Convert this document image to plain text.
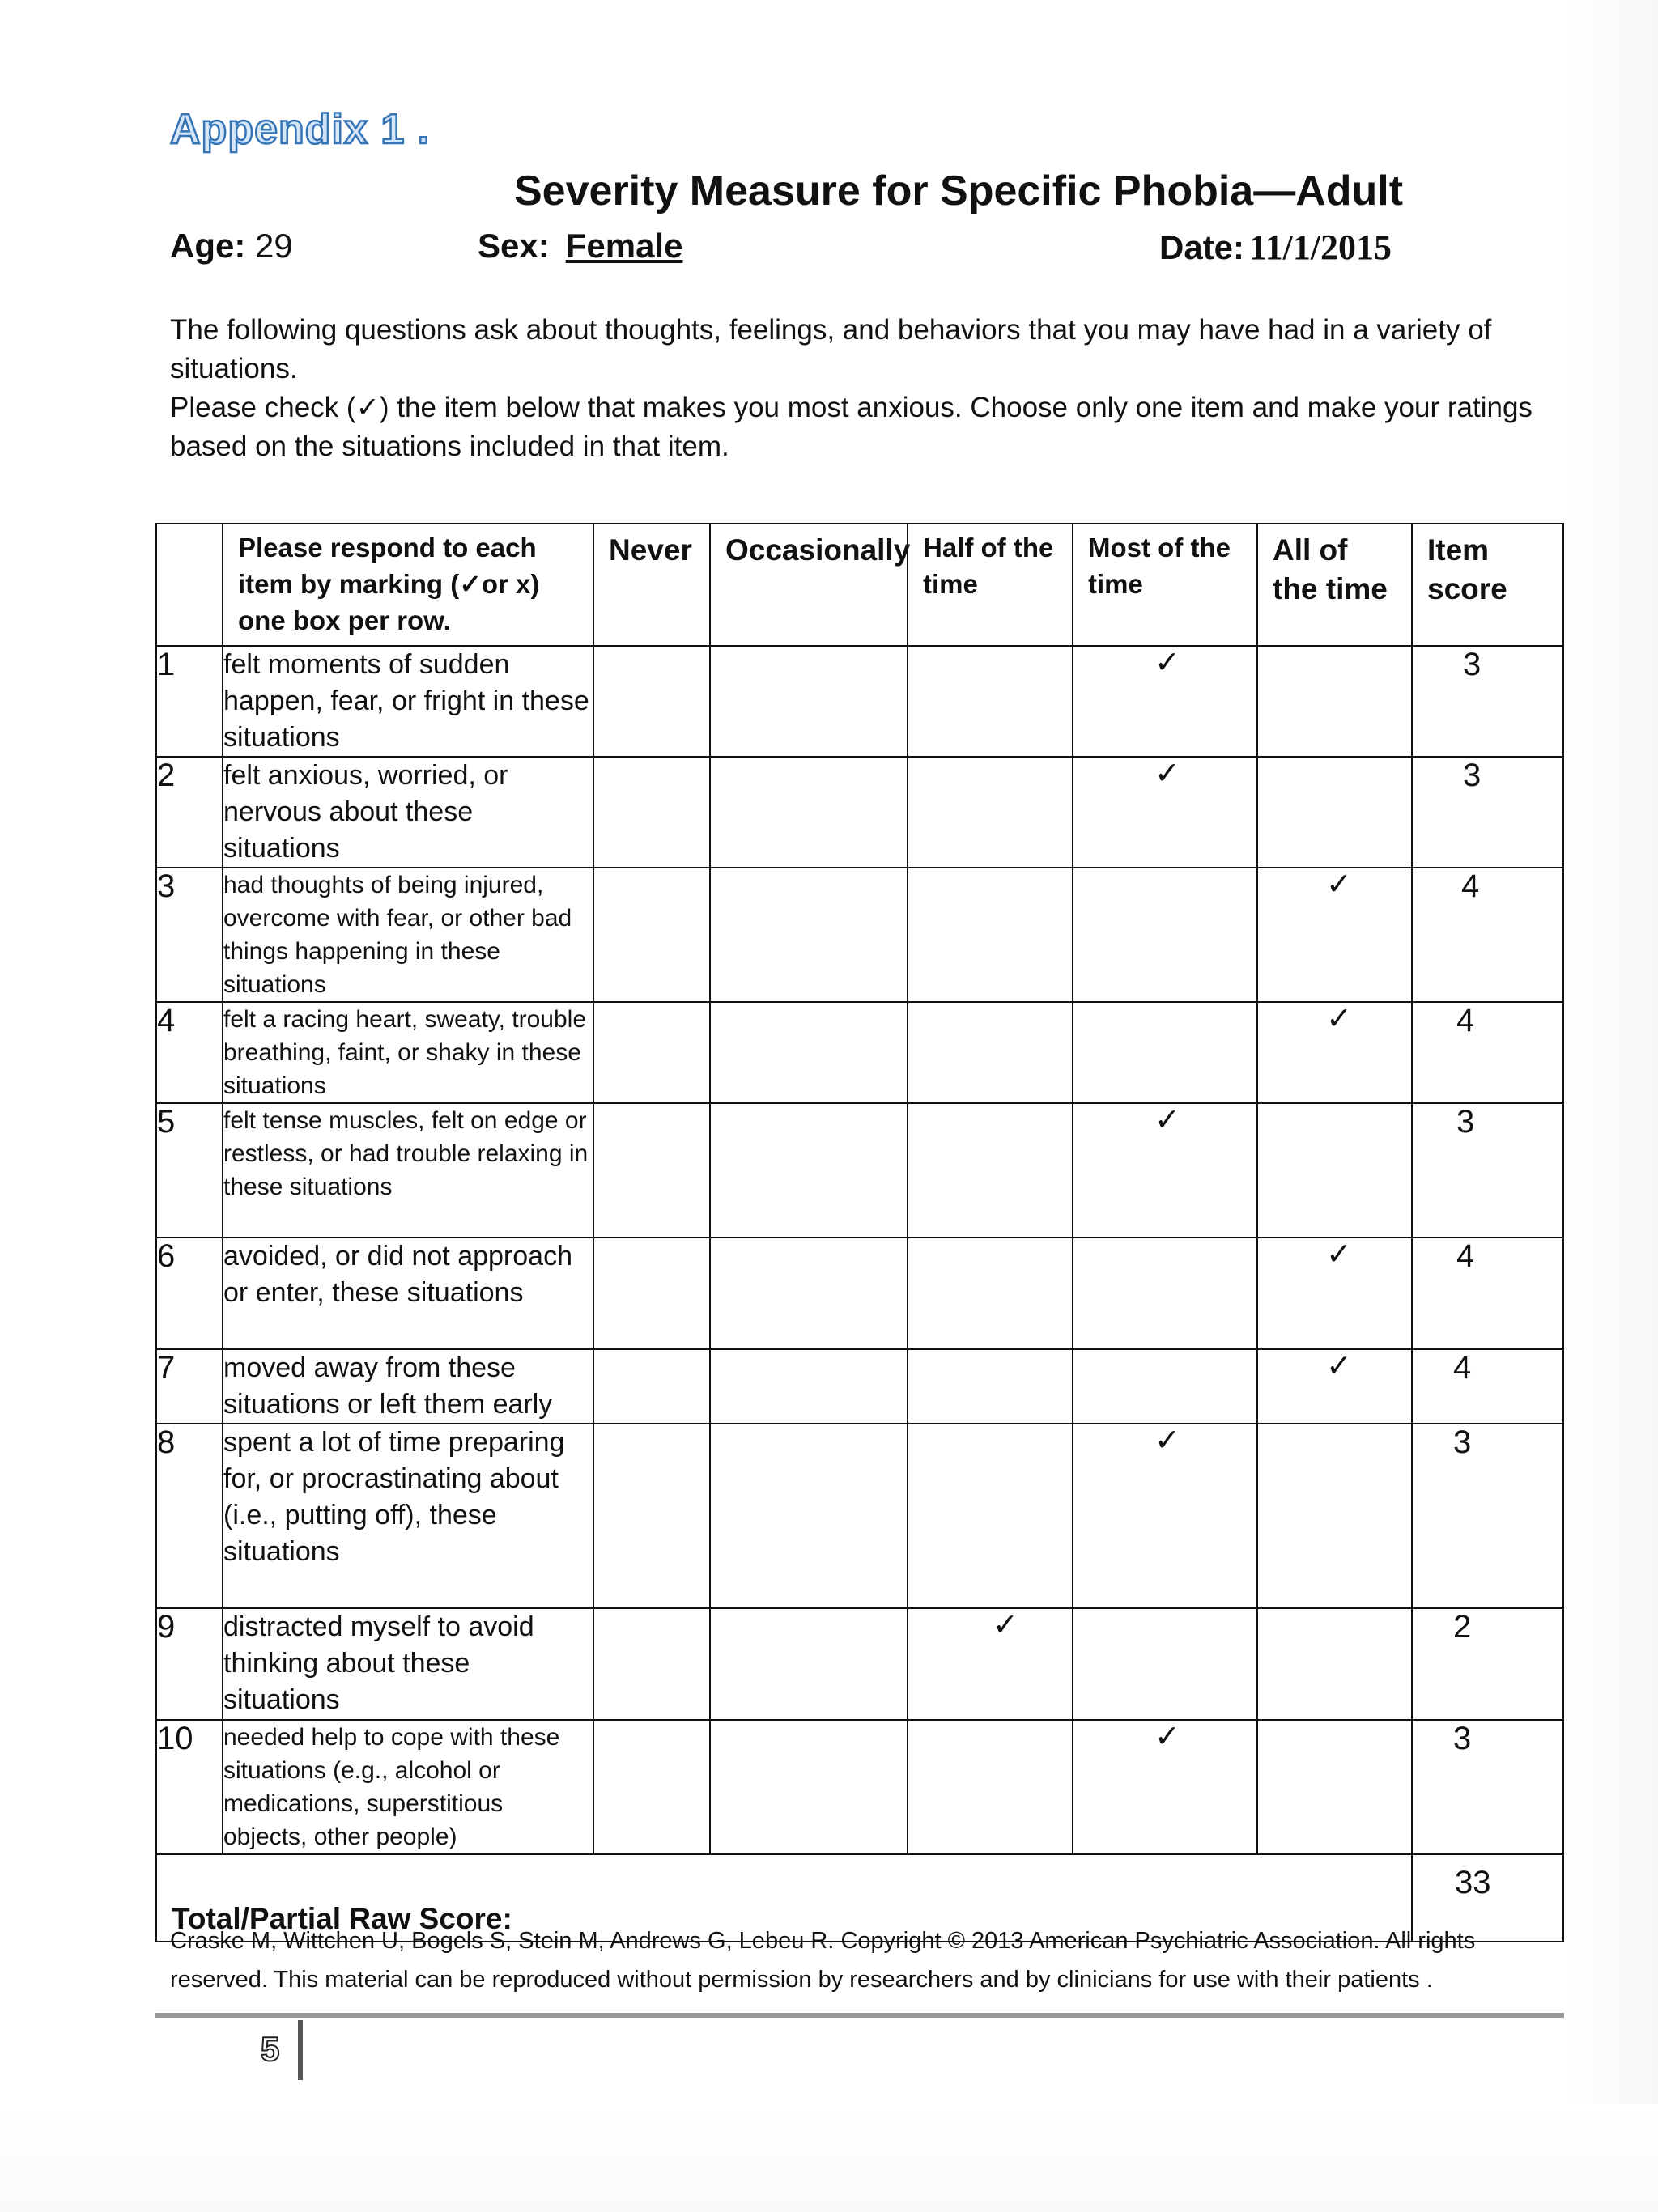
Appendix 1 .
Severity Measure for Specific Phobia—Adult
Age: 29	Sex: Female	Date: 11/1/2015

The following questions ask about thoughts, feelings, and behaviors that you may have had in a variety of situations.

Please check (✓) the item below that makes you most anxious. Choose only one item and make your ratings based on the situations included in that item.

	Please respond to each item by marking (✓or x) one box per row.	Never	Occasionally	Half of the time	Most of the time	All of the time	Item score

1	felt moments of sudden happen, fear, or fright in these situations				✓		3
2	felt anxious, worried, or nervous about these situations				✓		3
3	had thoughts of being injured, overcome with fear, or other bad things happening in these situations					✓	4
4	felt a racing heart, sweaty, trouble breathing, faint, or shaky in these situations					✓	4
5	felt tense muscles, felt on edge or restless, or had trouble relaxing in these situations				✓		3
6	avoided, or did not approach or enter, these situations					✓	4
7	moved away from these situations or left them early					✓	4
8	spent a lot of time preparing for, or procrastinating about (i.e., putting off), these situations				✓		3
9	distracted myself to avoid thinking about these situations			✓			2
10	needed help to cope with these situations (e.g., alcohol or medications, superstitious objects, other people)				✓		3

Total/Partial Raw Score:							33
Craske M, Wittchen U, Bogels S, Stein M, Andrews G, Lebeu R. Copyright © 2013 American Psychiatric Association. All rights reserved. This material can be reproduced without permission by researchers and by clinicians for use with their patients .
5
